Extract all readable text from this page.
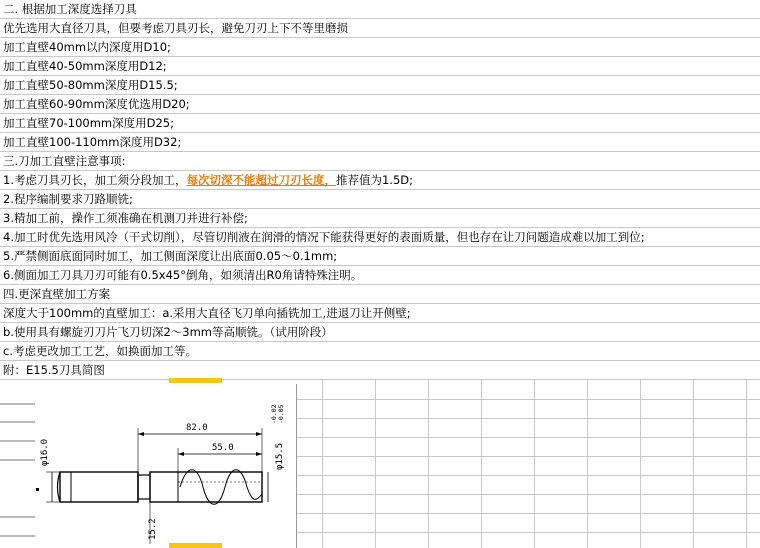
二. 根据加工深度选择刀具
优先选用大直径刀具，但要考虑刀具刃长，避免刀刃上下不等里磨损
加工直壁40mm以内深度用D10;
加工直壁40-50mm深度用D12;
加工直壁50-80mm深度用D15.5;
加工直壁60-90mm深度优选用D20;
加工直壁70-100mm深度用D25;
加工直壁100-110mm深度用D32;
三.刀加工直壁注意事项:
1.考虑刀具刃长，加工须分段加工，每次切深不能超过刀刃长度，推荐值为1.5D;
2.程序编制要求刀路顺铣;
3.精加工前，操作工须准确在机测刀并进行补偿;
4.加工时优先选用风冷（干式切削），尽管切削液在润滑的情况下能获得更好的表面质量，但也存在让刀问题造成难以加工到位;
5.严禁侧面底面同时加工，加工侧面深度让出底面0.05～0.1mm;
6.侧面加工刀具刀刃可能有0.5x45°倒角，如须清出R0角请特殊注明。
四.更深直壁加工方案
深度大于100mm的直壁加工：a.采用大直径飞刀单向插铣加工,进退刀让开侧壁;
b.使用具有螺旋刃刀片飞刀切深2～3mm等高顺铣。（试用阶段）
c.考虑更改加工工艺，如换面加工等。
附：E15.5刀具简图
82.0
55.0
φ16.0	φ15.5
-0.02 -0.05
15.2
